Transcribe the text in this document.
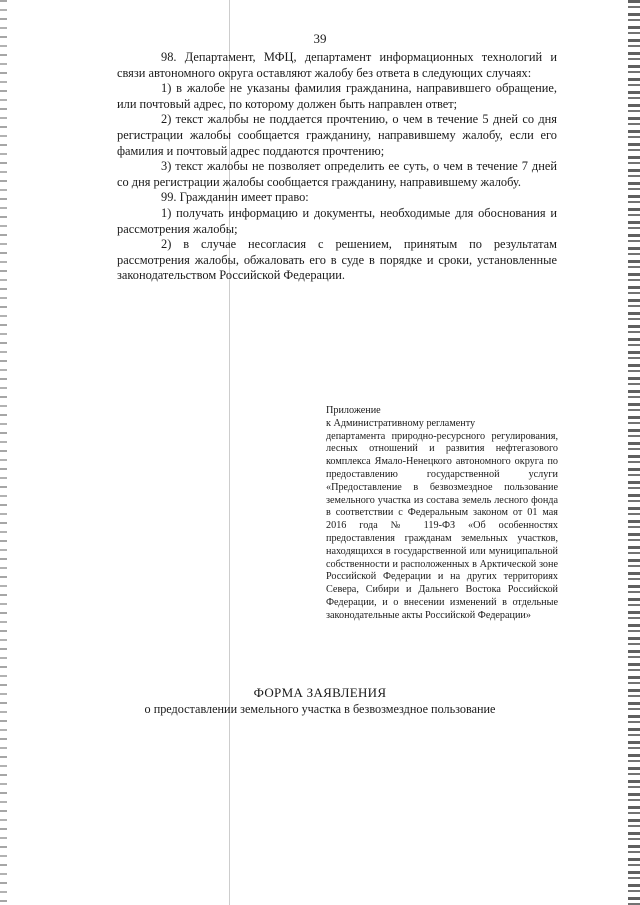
39

98. Департамент, МФЦ, департамент информационных технологий и связи автономного округа оставляют жалобу без ответа в следующих случаях:

1) в жалобе не указаны фамилия гражданина, направившего обращение, или почтовый адрес, по которому должен быть направлен ответ;

2) текст жалобы не поддается прочтению, о чем в течение 5 дней со дня регистрации жалобы сообщается гражданину, направившему жалобу, если его фамилия и почтовый адрес поддаются прочтению;

3) текст жалобы не позволяет определить ее суть, о чем в течение 7 дней со дня регистрации жалобы сообщается гражданину, направившему жалобу.

99. Гражданин имеет право:

1) получать информацию и документы, необходимые для обоснования и рассмотрения жалобы;

2) в случае несогласия с решением, принятым по результатам рассмотрения жалобы, обжаловать его в суде в порядке и сроки, установленные законодательством Российской Федерации.

Приложение
к Административному регламенту
департамента природно-ресурсного регулирования, лесных отношений и развития нефтегазового комплекса Ямало-Ненецкого автономного округа по предоставлению государственной услуги «Предоставление в безвозмездное пользование земельного участка из состава земель лесного фонда в соответствии с Федеральным законом от 01 мая 2016 года № 119-ФЗ «Об особенностях предоставления гражданам земельных участков, находящихся в государственной или муниципальной собственности и расположенных в Арктической зоне Российской Федерации и на других территориях Севера, Сибири и Дальнего Востока Российской Федерации, и о внесении изменений в отдельные законодательные акты Российской Федерации»
ФОРМА ЗАЯВЛЕНИЯ
о предоставлении земельного участка в безвозмездное пользование
